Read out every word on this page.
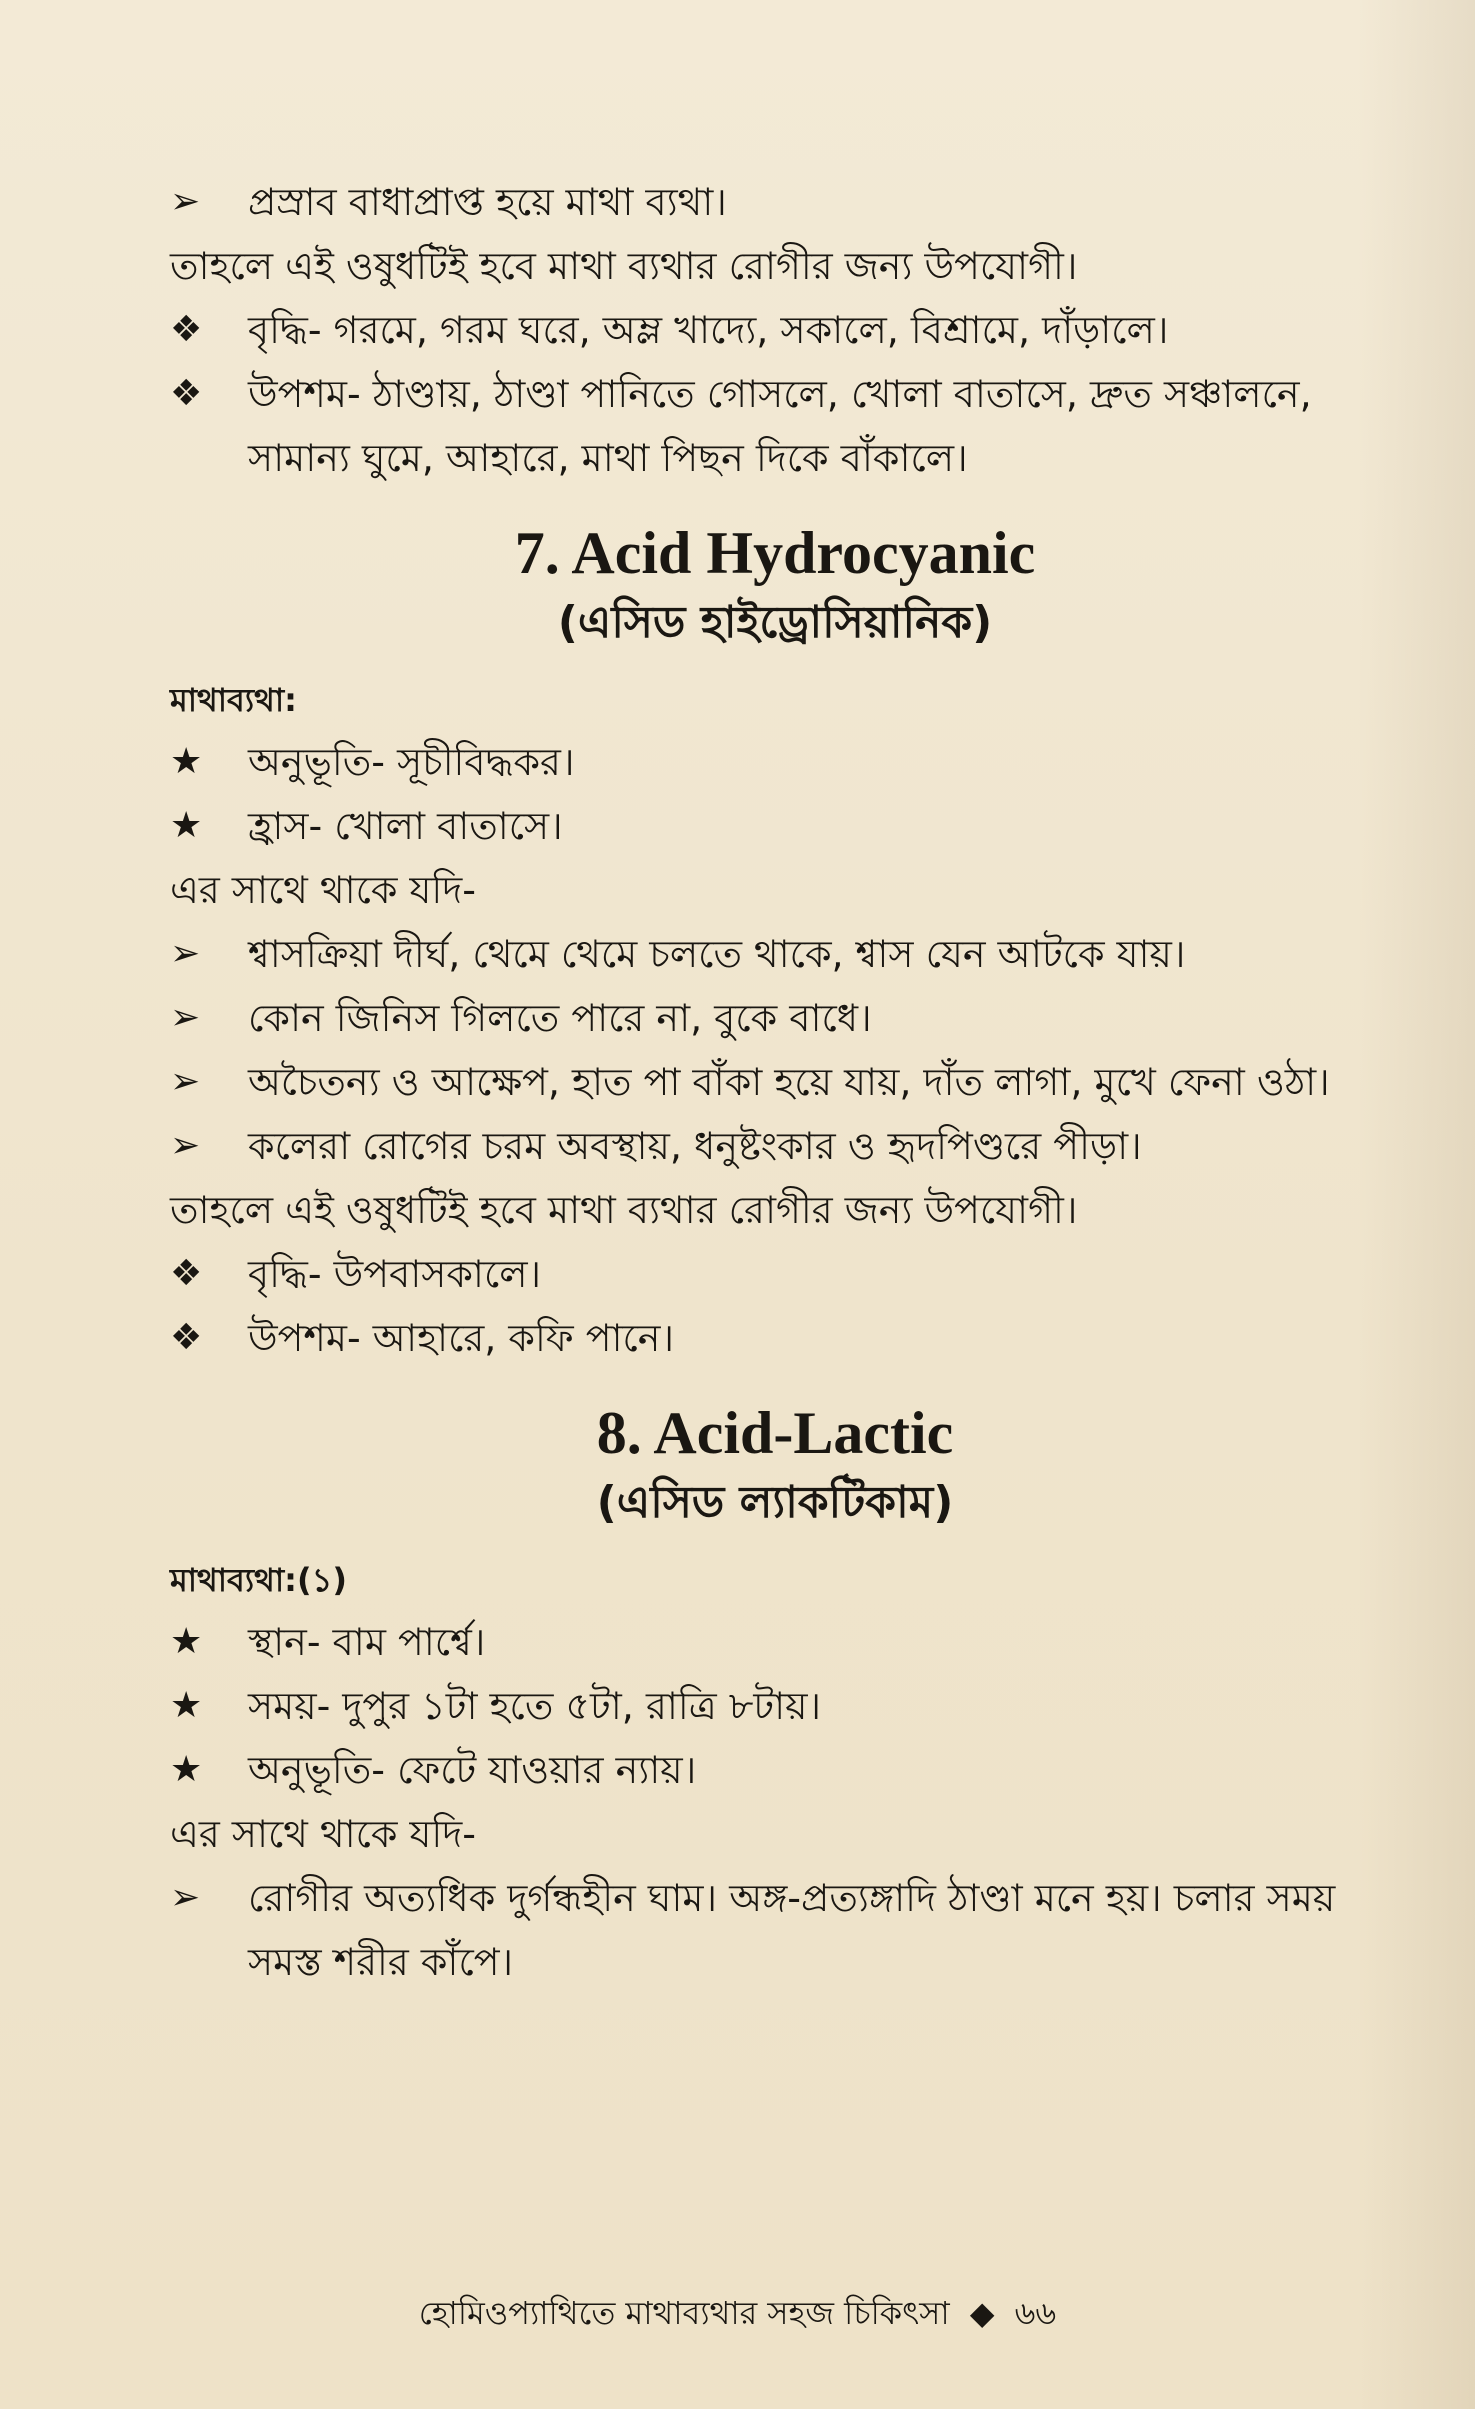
➢	প্রস্রাব বাধাপ্রাপ্ত হয়ে মাথা ব্যথা।
তাহলে এই ওষুধটিই হবে মাথা ব্যথার রোগীর জন্য উপযোগী।
❖	বৃদ্ধি- গরমে, গরম ঘরে, অম্ল খাদ্যে, সকালে, বিশ্রামে, দাঁড়ালে।
❖	উপশম- ঠাণ্ডায়, ঠাণ্ডা পানিতে গোসলে, খোলা বাতাসে, দ্রুত সঞ্চালনে, সামান্য ঘুমে, আহারে, মাথা পিছন দিকে বাঁকালে।
7. Acid Hydrocyanic
(এসিড হাইড্রোসিয়ানিক)
মাথাব্যথা:
★	অনুভূতি- সূচীবিদ্ধকর।
★	হ্রাস- খোলা বাতাসে।
এর সাথে থাকে যদি-
➢	শ্বাসক্রিয়া দীর্ঘ, থেমে থেমে চলতে থাকে, শ্বাস যেন আটকে যায়।
➢	কোন জিনিস গিলতে পারে না, বুকে বাধে।
➢	অচৈতন্য ও আক্ষেপ, হাত পা বাঁকা হয়ে যায়, দাঁত লাগা, মুখে ফেনা ওঠা।
➢	কলেরা রোগের চরম অবস্থায়, ধনুষ্টংকার ও হৃদপিণ্ডরে পীড়া।
তাহলে এই ওষুধটিই হবে মাথা ব্যথার রোগীর জন্য উপযোগী।
❖	বৃদ্ধি- উপবাসকালে।
❖	উপশম- আহারে, কফি পানে।
8. Acid-Lactic
(এসিড ল্যাকটিকাম)
মাথাব্যথা:(১)
★	স্থান- বাম পার্শ্বে।
★	সময়- দুপুর ১টা হতে ৫টা, রাত্রি ৮টায়।
★	অনুভূতি- ফেটে যাওয়ার ন্যায়।
এর সাথে থাকে যদি-
➢	রোগীর অত্যধিক দুর্গন্ধহীন ঘাম। অঙ্গ-প্রত্যঙ্গাদি ঠাণ্ডা মনে হয়। চলার সময় সমস্ত শরীর কাঁপে।
হোমিওপ্যাথিতে মাথাব্যথার সহজ চিকিৎসা ◆ ৬৬
